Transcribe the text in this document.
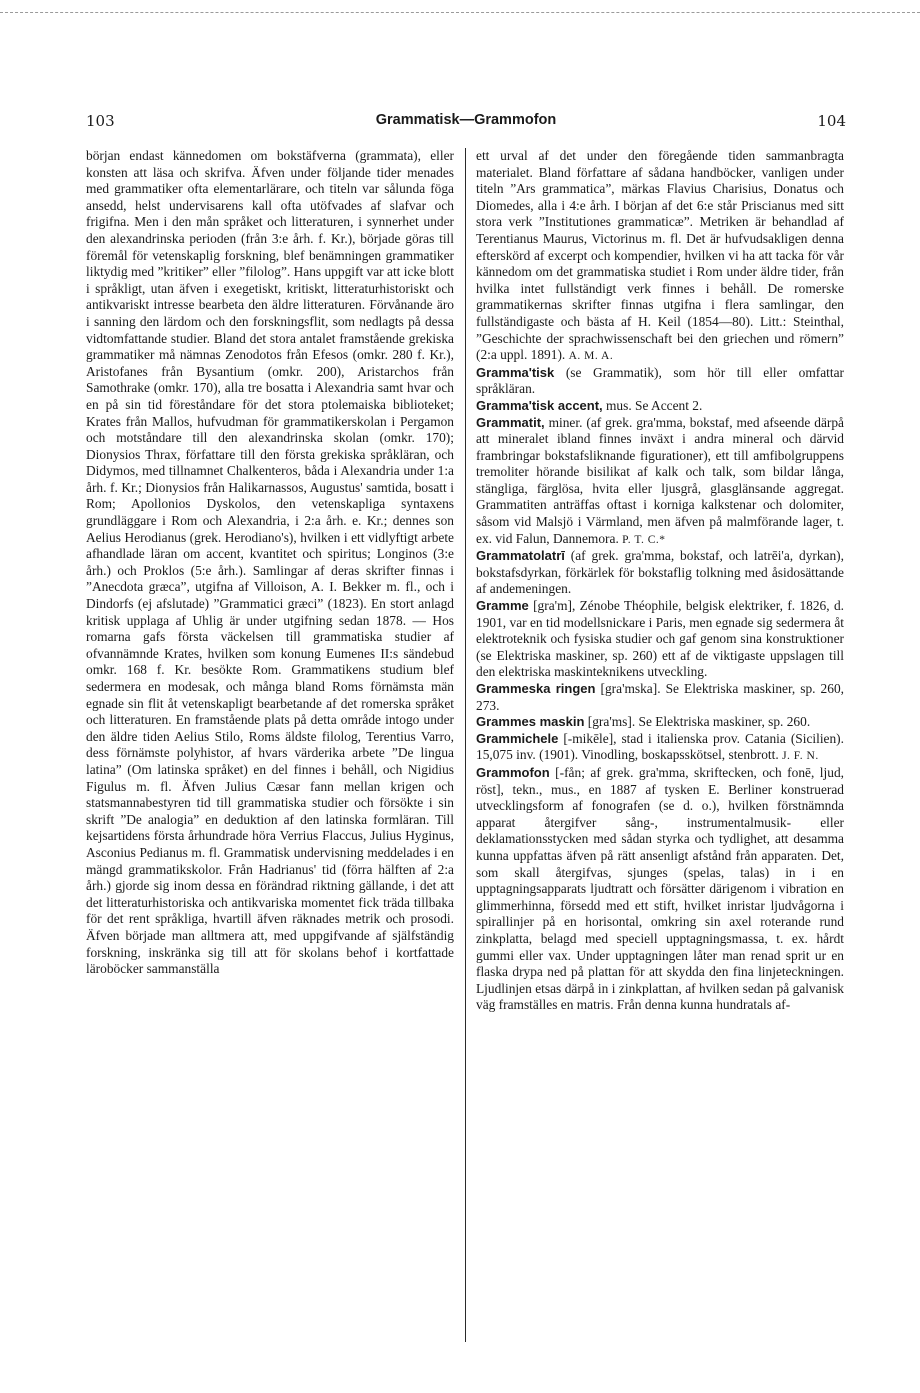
103	Grammatisk—Grammofon	104

början endast kännedomen om bokstäfverna (grammata), eller konsten att läsa och skrifva. Äfven under följande tider menades med grammatiker ofta elementarlärare, och titeln var sålunda föga ansedd, helst undervisarens kall ofta utöfvades af slafvar och frigifna. Men i den mån språket och litteraturen, i synnerhet under den alexandrinska perioden (från 3:e årh. f. Kr.), började göras till föremål för vetenskaplig forskning, blef benämningen grammatiker liktydig med ”kritiker” eller ”filolog”. Hans uppgift var att icke blott i språkligt, utan äfven i exegetiskt, kritiskt, litteraturhistoriskt och antikvariskt intresse bearbeta den äldre litteraturen. Förvånande äro i sanning den lärdom och den forskningsflit, som nedlagts på dessa vidtomfattande studier. Bland det stora antalet framstående grekiska grammatiker må nämnas Zenodotos från Efesos (omkr. 280 f. Kr.), Aristofanes från Bysantium (omkr. 200), Aristarchos från Samothrake (omkr. 170), alla tre bosatta i Alexandria samt hvar och en på sin tid föreståndare för det stora ptolemaiska biblioteket; Krates från Mallos, hufvudman för grammatikerskolan i Pergamon och motståndare till den alexandrinska skolan (omkr. 170); Dionysios Thrax, författare till den första grekiska språkläran, och Didymos, med tillnamnet Chalkenteros, båda i Alexandria under 1:a årh. f. Kr.; Dionysios från Halikarnassos, Augustus' samtida, bosatt i Rom; Apollonios Dyskolos, den vetenskapliga syntaxens grundläggare i Rom och Alexandria, i 2:a årh. e. Kr.; dennes son Aelius Herodianus (grek. Herodiano's), hvilken i ett vidlyftigt arbete afhandlade läran om accent, kvantitet och spiritus; Longinos (3:e årh.) och Proklos (5:e årh.). Samlingar af deras skrifter finnas i ”Anecdota græca”, utgifna af Villoison, A. I. Bekker m. fl., och i Dindorfs (ej afslutade) ”Grammatici græci” (1823). En stort anlagd kritisk upplaga af Uhlig är under utgifning sedan 1878. — Hos romarna gafs första väckelsen till grammatiska studier af ofvannämnde Krates, hvilken som konung Eumenes II:s sändebud omkr. 168 f. Kr. besökte Rom. Grammatikens studium blef sedermera en modesak, och många bland Roms förnämsta män egnade sin flit åt vetenskapligt bearbetande af det romerska språket och litteraturen. En framstående plats på detta område intogo under den äldre tiden Aelius Stilo, Roms äldste filolog, Terentius Varro, dess förnämste polyhistor, af hvars värderika arbete ”De lingua latina” (Om latinska språket) en del finnes i behåll, och Nigidius Figulus m. fl. Äfven Julius Cæsar fann mellan krigen och statsmannabestyren tid till grammatiska studier och försökte i sin skrift ”De analogia” en deduktion af den latinska formläran. Till kejsartidens första århundrade höra Verrius Flaccus, Julius Hyginus, Asconius Pedianus m. fl. Grammatisk undervisning meddelades i en mängd grammatikskolor. Från Hadrianus' tid (förra hälften af 2:a årh.) gjorde sig inom dessa en förändrad riktning gällande, i det att det litteraturhistoriska och antikvariska momentet fick träda tillbaka för det rent språkliga, hvartill äfven räknades metrik och prosodi. Äfven började man alltmera att, med uppgifvande af själfständig forskning, inskränka sig till att för skolans behof i kortfattade läroböcker sammanställa

ett urval af det under den föregående tiden sammanbragta materialet. Bland författare af sådana handböcker, vanligen under titeln ”Ars grammatica”, märkas Flavius Charisius, Donatus och Diomedes, alla i 4:e årh. I början af det 6:e står Priscianus med sitt stora verk ”Institutiones grammaticæ”. Metriken är behandlad af Terentianus Maurus, Victorinus m. fl. Det är hufvudsakligen denna efterskörd af excerpt och kompendier, hvilken vi ha att tacka för vår kännedom om det grammatiska studiet i Rom under äldre tider, från hvilka intet fullständigt verk finnes i behåll. De romerske grammatikernas skrifter finnas utgifna i flera samlingar, den fullständigaste och bästa af H. Keil (1854—80). Litt.: Steinthal, ”Geschichte der sprachwissenschaft bei den griechen und römern” (2:a uppl. 1891). A. M. A.

Gramma'tisk (se Grammatik), som hör till eller omfattar språkläran.

Gramma'tisk accent, mus. Se Accent 2.

Grammatit, miner. (af grek. gra'mma, bokstaf, med afseende därpå att mineralet ibland finnes inväxt i andra mineral och därvid frambringar bokstafsliknande figurationer), ett till amfibolgruppens tremoliter hörande bisilikat af kalk och talk, som bildar långa, stängliga, färglösa, hvita eller ljusgrå, glasglänsande aggregat. Grammatiten anträffas oftast i korniga kalkstenar och dolomiter, såsom vid Malsjö i Värmland, men äfven på malmförande lager, t. ex. vid Falun, Dannemora. P. T. C.*

Grammatolatrī (af grek. gra'mma, bokstaf, och latrēi'a, dyrkan), bokstafsdyrkan, förkärlek för bokstaflig tolkning med åsidosättande af andemeningen.

Gramme [gra'm], Zénobe Théophile, belgisk elektriker, f. 1826, d. 1901, var en tid modellsnickare i Paris, men egnade sig sedermera åt elektroteknik och fysiska studier och gaf genom sina konstruktioner (se Elektriska maskiner, sp. 260) ett af de viktigaste uppslagen till den elektriska maskinteknikens utveckling.

Grammeska ringen [gra'mska]. Se Elektriska maskiner, sp. 260, 273.

Grammes maskin [gra'ms]. Se Elektriska maskiner, sp. 260.

Grammichele [-mikēle], stad i italienska prov. Catania (Sicilien). 15,075 inv. (1901). Vinodling, boskapsskötsel, stenbrott. J. F. N.

Grammofon [-fån; af grek. gra'mma, skriftecken, och fonē, ljud, röst], tekn., mus., en 1887 af tysken E. Berliner konstruerad utvecklingsform af fonografen (se d. o.), hvilken förstnämnda apparat återgifver sång-, instrumentalmusik- eller deklamationsstycken med sådan styrka och tydlighet, att desamma kunna uppfattas äfven på rätt ansenligt afstånd från apparaten. Det, som skall återgifvas, sjunges (spelas, talas) in i en upptagningsapparats ljudtratt och försätter därigenom i vibration en glimmerhinna, försedd med ett stift, hvilket inristar ljudvågorna i spirallinjer på en horisontal, omkring sin axel roterande rund zinkplatta, belagd med speciell upptagningsmassa, t. ex. hårdt gummi eller vax. Under upptagningen låter man renad sprit ur en flaska drypa ned på plattan för att skydda den fina linjeteckningen. Ljudlinjen etsas därpå in i zinkplattan, af hvilken sedan på galvanisk väg framställes en matris. Från denna kunna hundratals af-
